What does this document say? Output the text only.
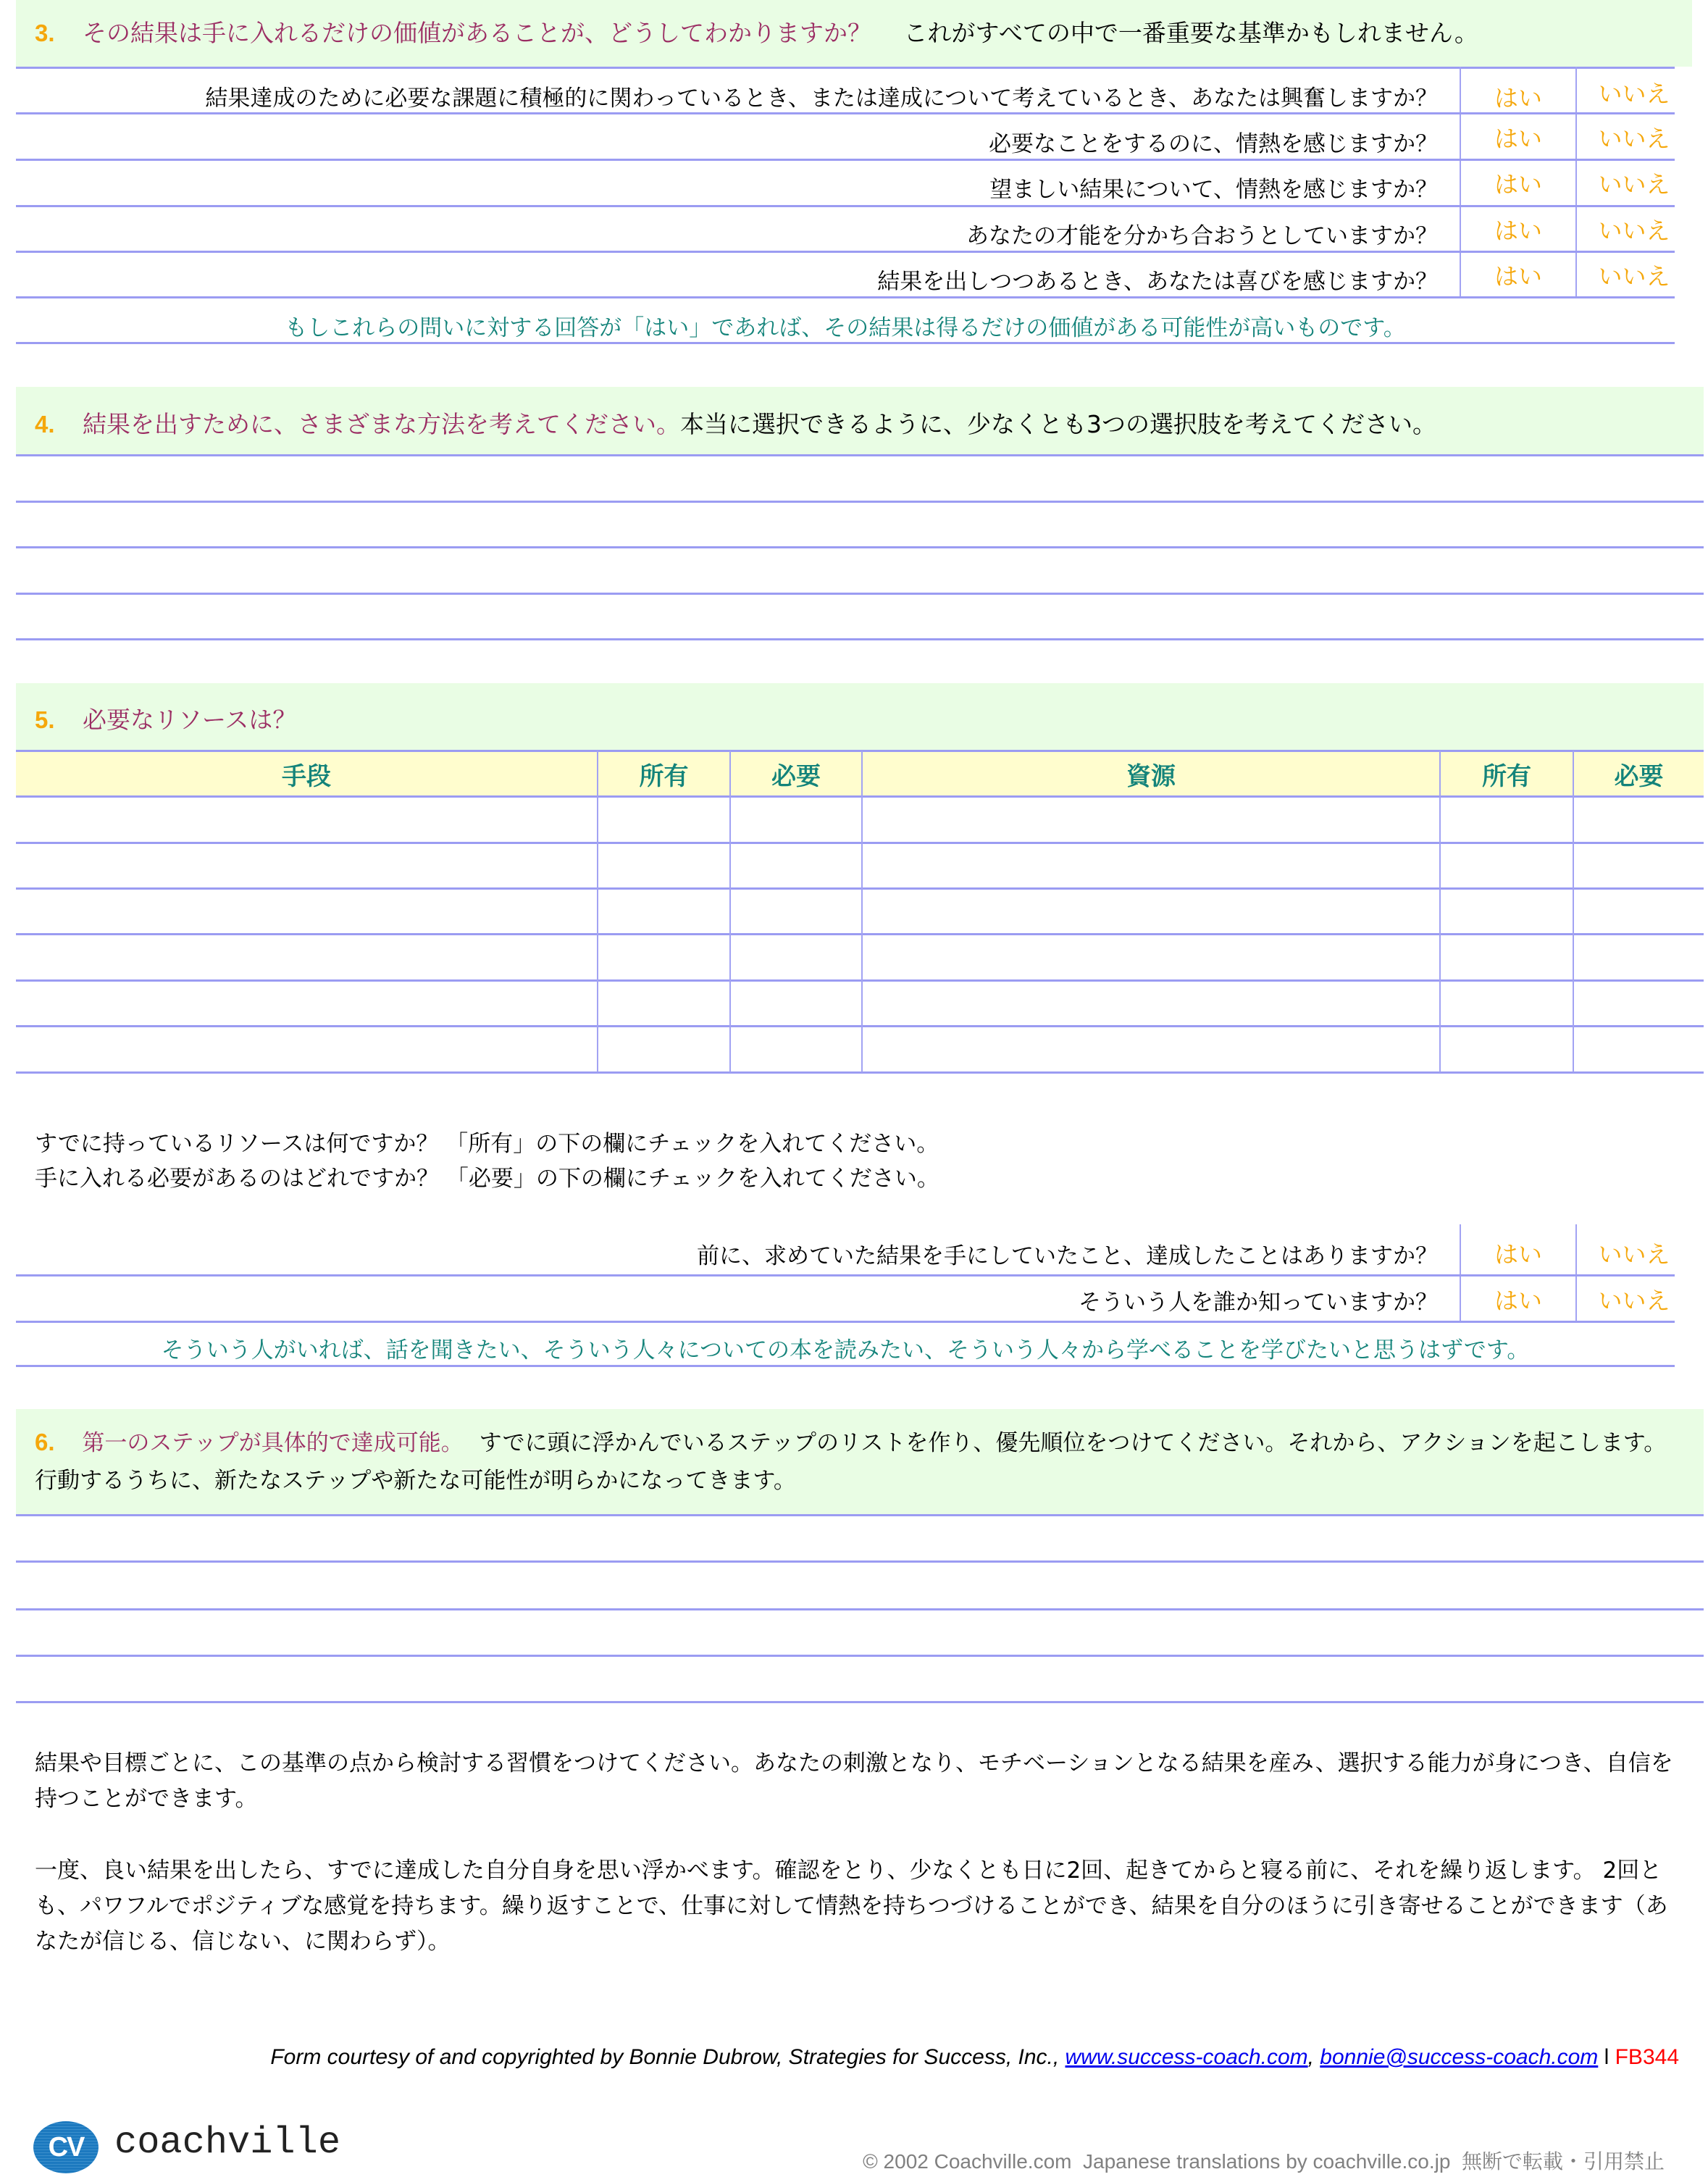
3. その結果は手に入れるだけの価値があることが、どうしてわかりますか？ これがすべての中で一番重要な基準かもしれません。
結果達成のために必要な課題に積極的に関わっているとき、または達成について考えているとき、あなたは興奮しますか？	はい	いいえ
必要なことをするのに、情熱を感じますか？	はい	いいえ
望ましい結果について、情熱を感じますか？	はい	いいえ
あなたの才能を分かち合おうとしていますか？	はい	いいえ
結果を出しつつあるとき、あなたは喜びを感じますか？	はい	いいえ
もしこれらの問いに対する回答が「はい」であれば、その結果は得るだけの価値がある可能性が高いものです。
4. 結果を出すために、さまざまな方法を考えてください。本当に選択できるように、少なくとも3つの選択肢を考えてください。
5. 必要なリソースは？
手段	所有	必要	資源	所有	必要
すでに持っているリソースは何ですか？ 「所有」の下の欄にチェックを入れてください。
手に入れる必要があるのはどれですか？ 「必要」の下の欄にチェックを入れてください。
前に、求めていた結果を手にしていたこと、達成したことはありますか？	はい	いいえ
そういう人を誰か知っていますか？	はい	いいえ
そういう人がいれば、話を聞きたい、そういう人々についての本を読みたい、そういう人々から学べることを学びたいと思うはずです。
6. 第一のステップが具体的で達成可能。 すでに頭に浮かんでいるステップのリストを作り、優先順位をつけてください。それから、アクションを起こします。
行動するうちに、新たなステップや新たな可能性が明らかになってきます。
結果や目標ごとに、この基準の点から検討する習慣をつけてください。あなたの刺激となり、モチベーションとなる結果を産み、選択する能力が身につき、自信を持つことができます。
一度、良い結果を出したら、すでに達成した自分自身を思い浮かべます。確認をとり、少なくとも日に2回、起きてからと寝る前に、それを繰り返します。 2回とも、パワフルでポジティブな感覚を持ちます。繰り返すことで、仕事に対して情熱を持ちつづけることができ、結果を自分のほうに引き寄せることができます（あなたが信じる、信じない、に関わらず）。
Form courtesy of and copyrighted by Bonnie Dubrow, Strategies for Success, Inc., www.success-coach.com, bonnie@success-coach.com l FB344
CV coachville	© 2002 Coachville.com  Japanese translations by coachville.co.jp  無断で転載・引用禁止
